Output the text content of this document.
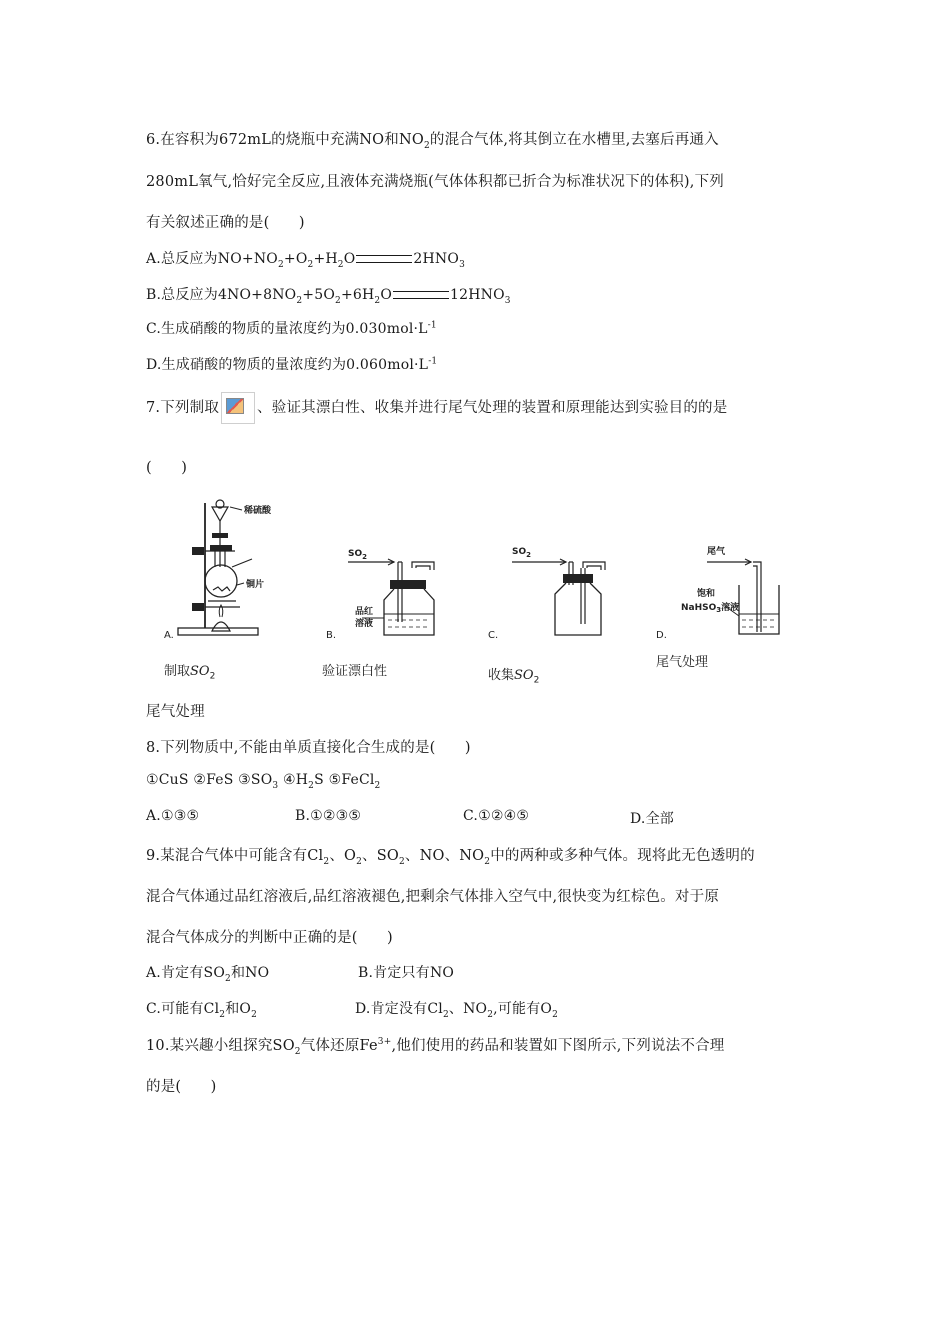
6.在容积为672mL的烧瓶中充满NO和$NO_2$的混合气体,将其倒立在水槽里,去塞后再通入
280mL氧气,恰好完全反应,且液体充满烧瓶(气体体积都已折合为标准状况下的体积),下列
有关叙述正确的是(　　)
A.总反应为$NO+NO_2+O_2+H_2O$	$2HNO_3$
B.总反应为$4NO+8NO_2+5O_2+6H_2O$	$12HNO_3$
C.生成硝酸的物质的量浓度约为$0.030mol\cdot L^{-1}$
D.生成硝酸的物质的量浓度约为$0.060mol\cdot L^{-1}$
7.下列制取	、验证其漂白性、收集并进行尾气处理的装置和原理能达到实验目的的是
(　　)
稀硫酸
铜片
A.
制取$SO_2$
$SO_2$
品红
溶液
B.
验证漂白性
$SO_2$
C.
收集$SO_2$
尾气
饱和
NaHSO$_3$溶液
D.
尾气处理
尾气处理
8.下列物质中,不能由单质直接化合生成的是(　　)
①CuS ②FeS $③SO_3$ $④H_2S$ ⑤FeCl$_2$
A.①③⑤	B.①②③⑤	C.①②④⑤	D.全部
9.某混合气体中可能含有$Cl_2$、$O_2$、$SO_2$、NO、$NO_2$中的两种或多种气体。现将此无色透明的
混合气体通过品红溶液后,品红溶液褪色,把剩余气体排入空气中,很快变为红棕色。对于原
混合气体成分的判断中正确的是(　　)
A.肯定有$SO_2$和NO	B.肯定只有NO
C.可能有$Cl_2$和$O_2$	D.肯定没有$Cl_2$、$NO_2$,可能有$O_2$
10.某兴趣小组探究$SO_2$气体还原$Fe^{3+}$,他们使用的药品和装置如下图所示,下列说法不合理
的是(　　)
